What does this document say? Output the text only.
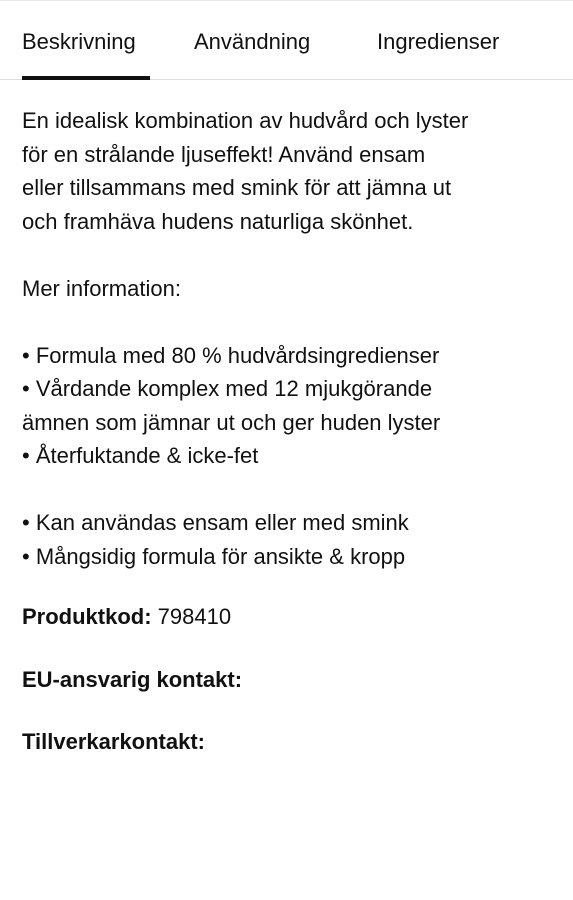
Beskrivning	Användning	Ingredienser

En idealisk kombination av hudvård och lyster
för en strålande ljuseffekt! Använd ensam
eller tillsammans med smink för att jämna ut
och framhäva hudens naturliga skönhet.

Mer information:

• Formula med 80 % hudvårdsingredienser
• Vårdande komplex med 12 mjukgörande
ämnen som jämnar ut och ger huden lyster
• Återfuktande & icke-fet

• Kan användas ensam eller med smink
• Mångsidig formula för ansikte & kropp

Produktkod: 798410

EU-ansvarig kontakt:

Tillverkarkontakt:
